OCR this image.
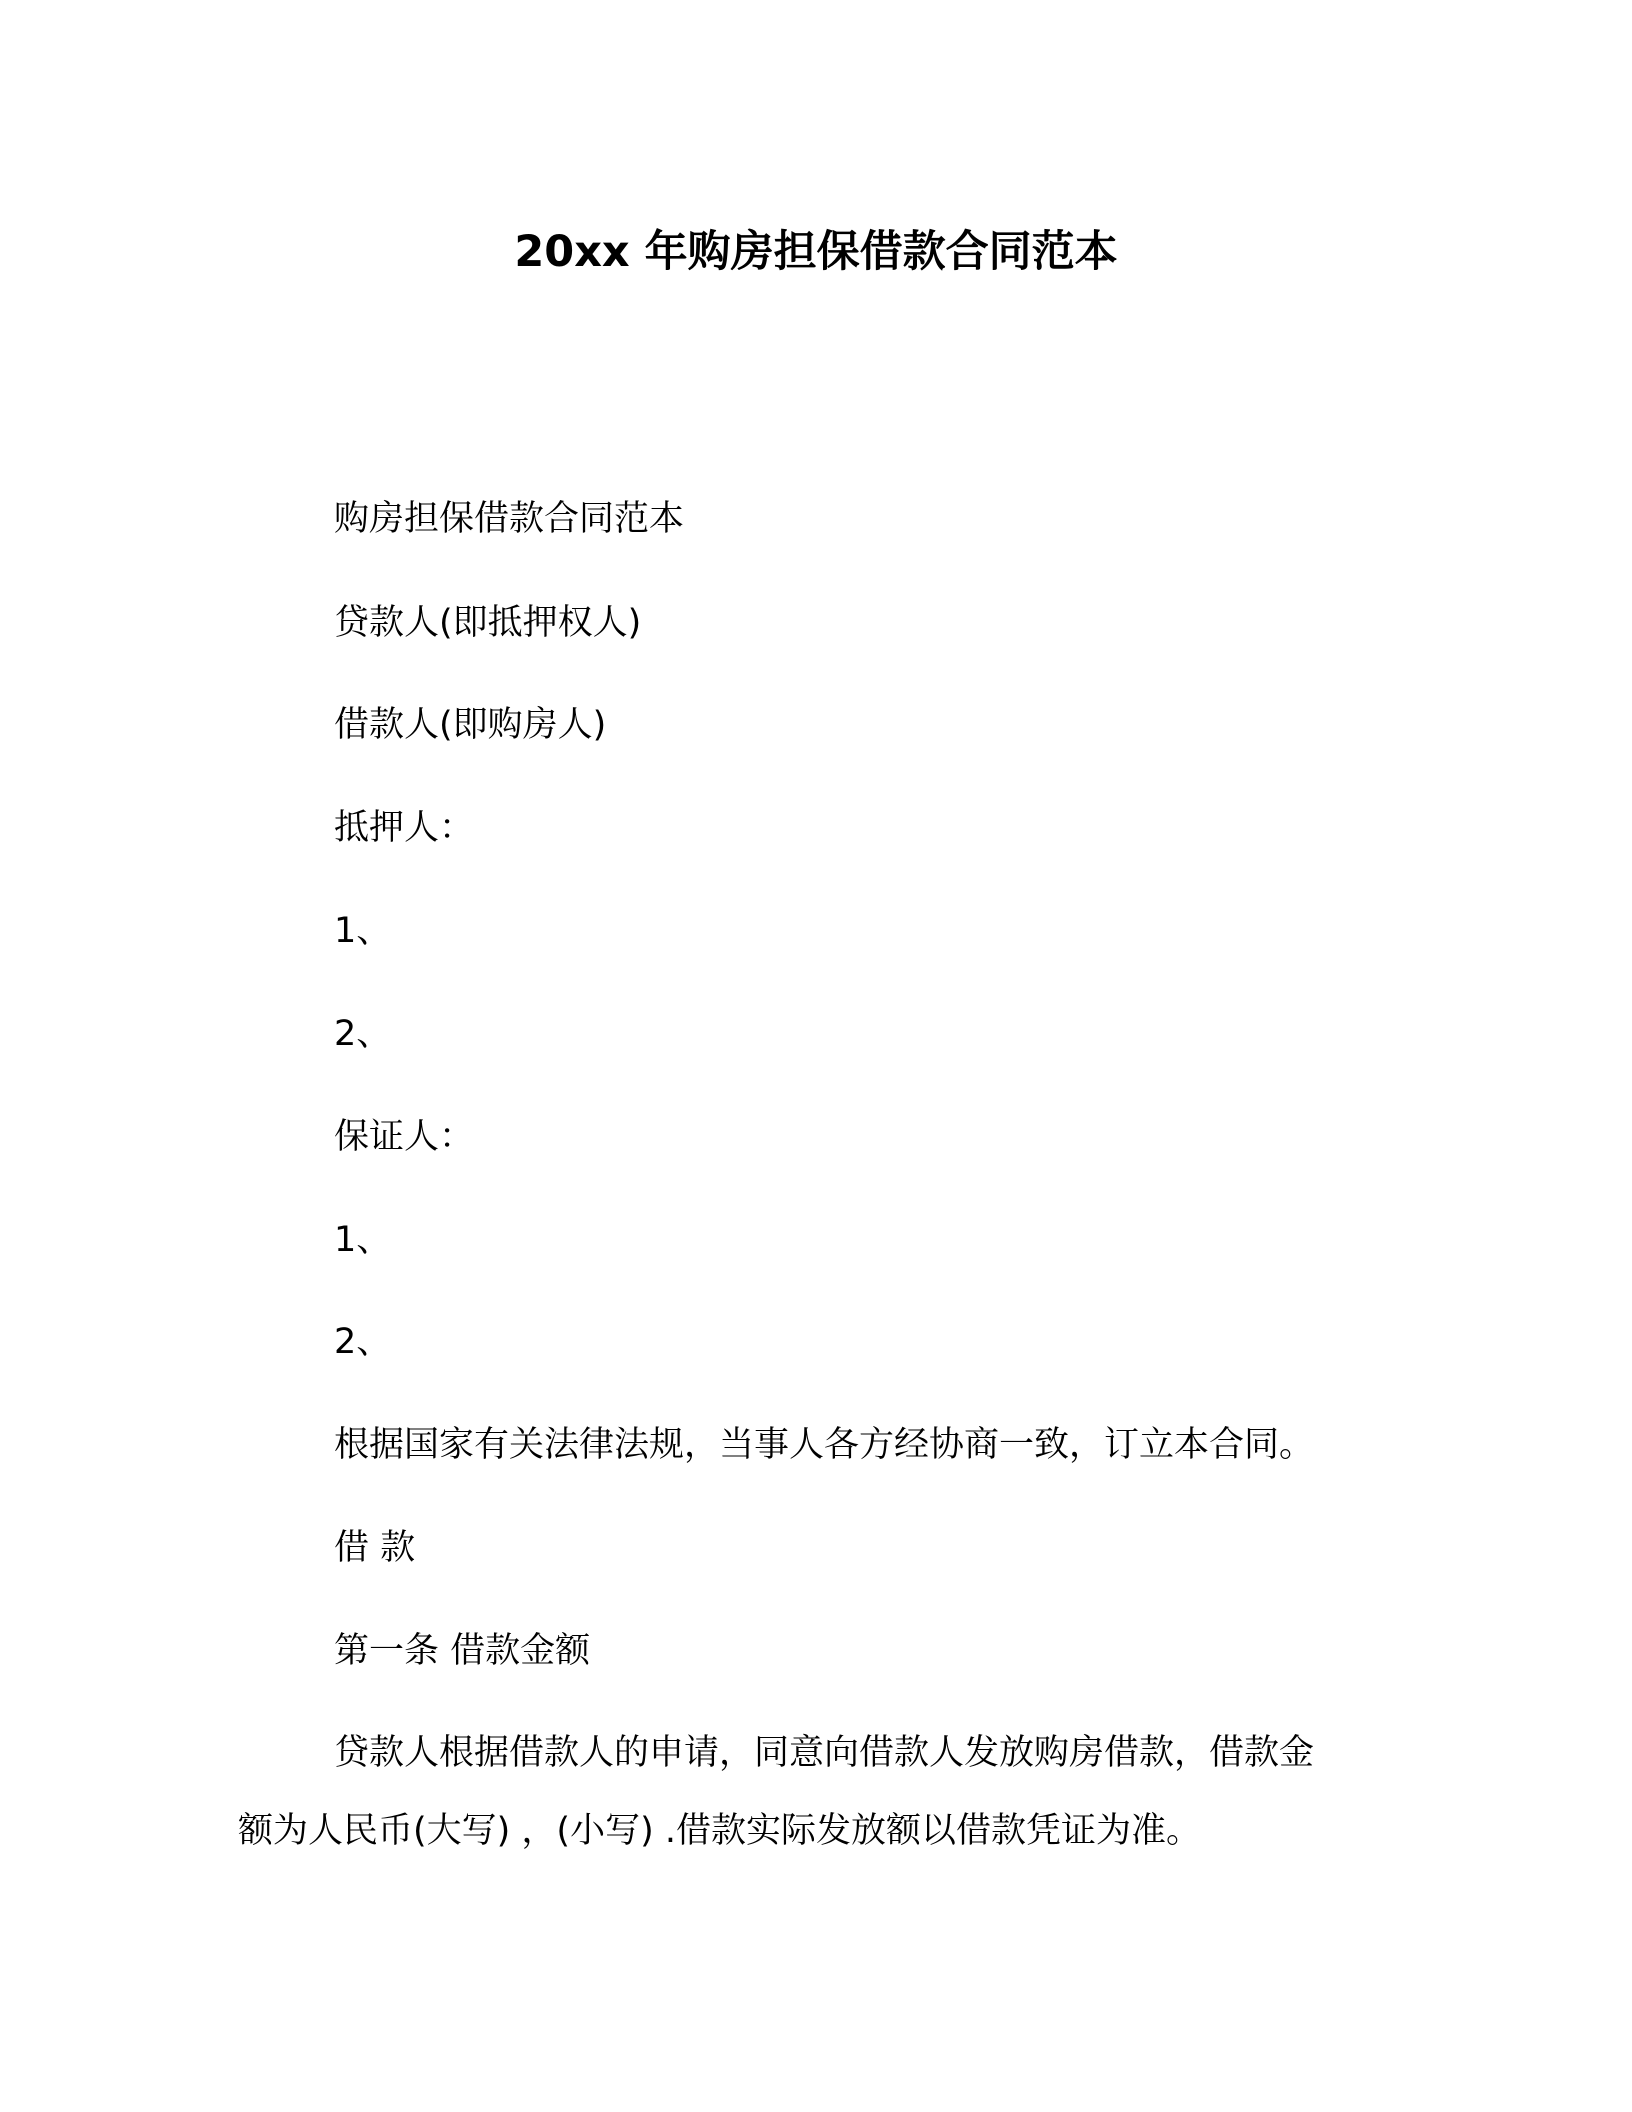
20xx 年购房担保借款合同范本
购房担保借款合同范本
贷款人(即抵押权人)
借款人(即购房人)
抵押人：
1、
2、
保证人：
1、
2、
根据国家有关法律法规，当事人各方经协商一致，订立本合同。
借 款
第一条 借款金额
贷款人根据借款人的申请，同意向借款人发放购房借款，借款金
额为人民币(大写) ，(小写) .借款实际发放额以借款凭证为准。
